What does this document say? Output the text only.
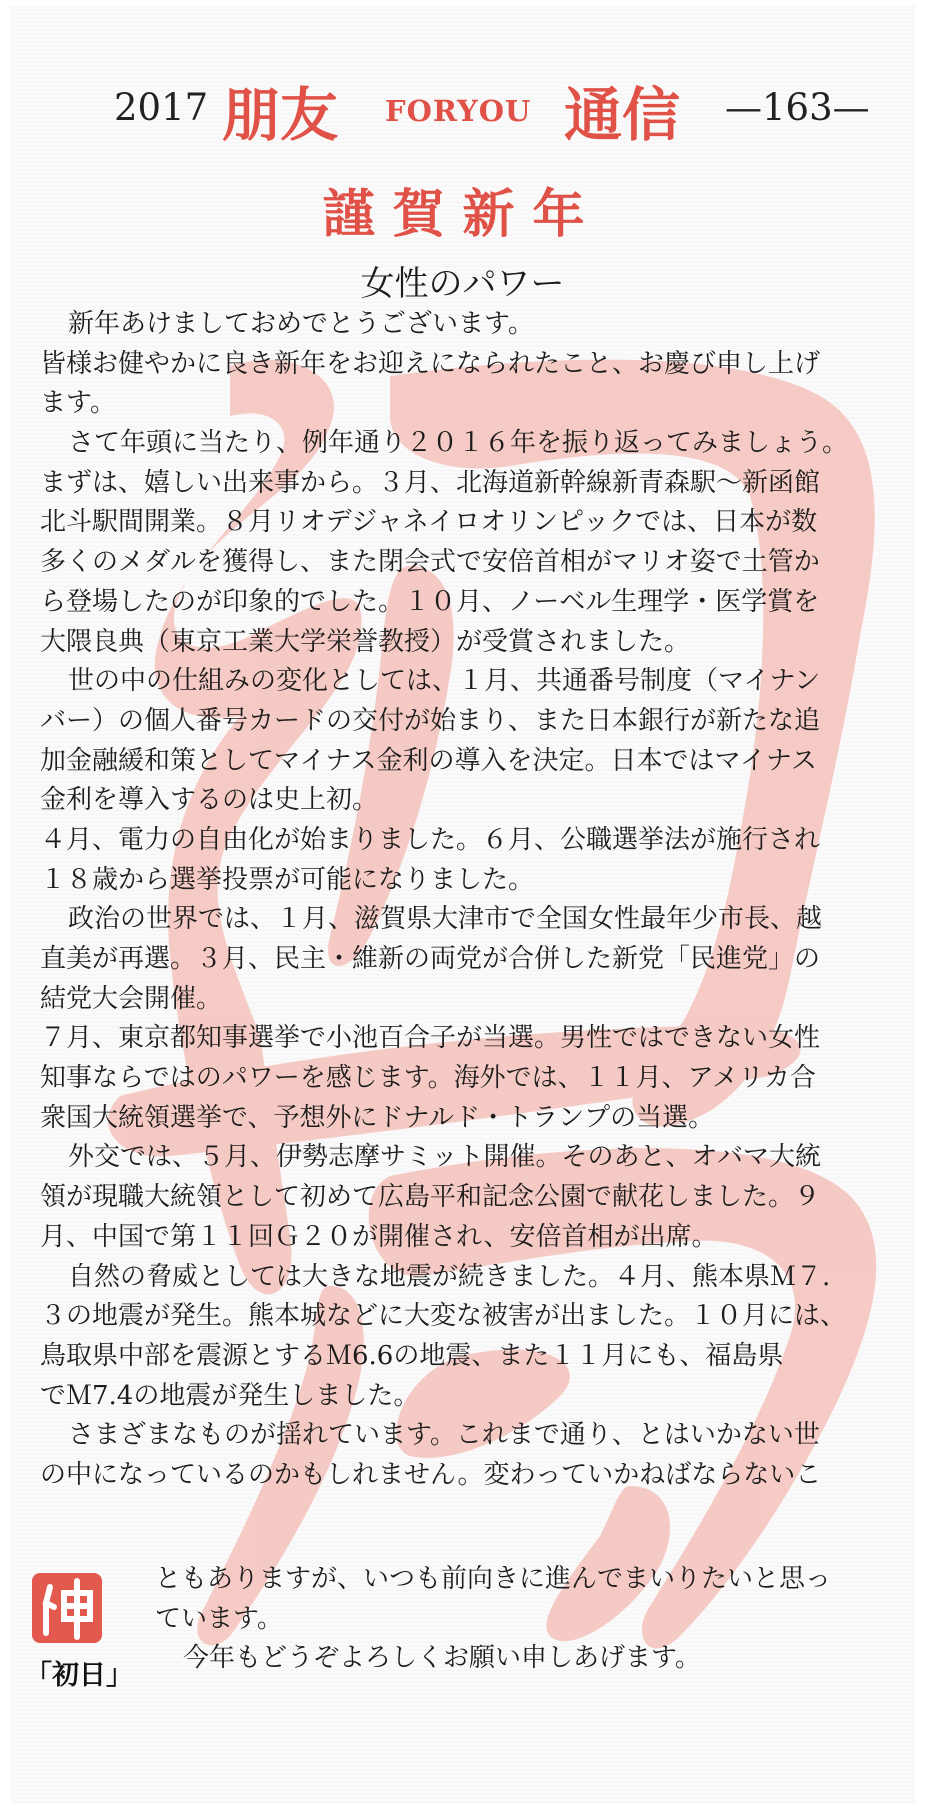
2017 朋友 FORYOU 通信 —163—
謹賀新年
女性のパワー
新年あけましておめでとうございます。
皆様お健やかに良き新年をお迎えになられたこと、お慶び申し上げ
ます。
さて年頭に当たり、例年通り２０１６年を振り返ってみましょう。
まずは、嬉しい出来事から。３月、北海道新幹線新青森駅～新函館
北斗駅間開業。８月リオデジャネイロオリンピックでは、日本が数
多くのメダルを獲得し、また閉会式で安倍首相がマリオ姿で土管か
ら登場したのが印象的でした。１０月、ノーベル生理学・医学賞を
大隈良典（東京工業大学栄誉教授）が受賞されました。
世の中の仕組みの変化としては、１月、共通番号制度（マイナン
バー）の個人番号カードの交付が始まり、また日本銀行が新たな追
加金融緩和策としてマイナス金利の導入を決定。日本ではマイナス
金利を導入するのは史上初。
４月、電力の自由化が始まりました。６月、公職選挙法が施行され
１８歳から選挙投票が可能になりました。
政治の世界では、１月、滋賀県大津市で全国女性最年少市長、越
直美が再選。３月、民主・維新の両党が合併した新党「民進党」の
結党大会開催。
７月、東京都知事選挙で小池百合子が当選。男性ではできない女性
知事ならではのパワーを感じます。海外では、１１月、アメリカ合
衆国大統領選挙で、予想外にドナルド・トランプの当選。
外交では、５月、伊勢志摩サミット開催。そのあと、オバマ大統
領が現職大統領として初めて広島平和記念公園で献花しました。９
月、中国で第１１回Ｇ２０が開催され、安倍首相が出席。
自然の脅威としては大きな地震が続きました。４月、熊本県Ｍ７.
３の地震が発生。熊本城などに大変な被害が出ました。１０月には、
鳥取県中部を震源とするＭ6.6の地震、また１１月にも、福島県
でＭ7.4の地震が発生しました。
さまざまなものが揺れています。これまで通り、とはいかない世
の中になっているのかもしれません。変わっていかねばならないこ
「初日」
ともありますが、いつも前向きに進んでまいりたいと思っ
ています。
今年もどうぞよろしくお願い申しあげます。
